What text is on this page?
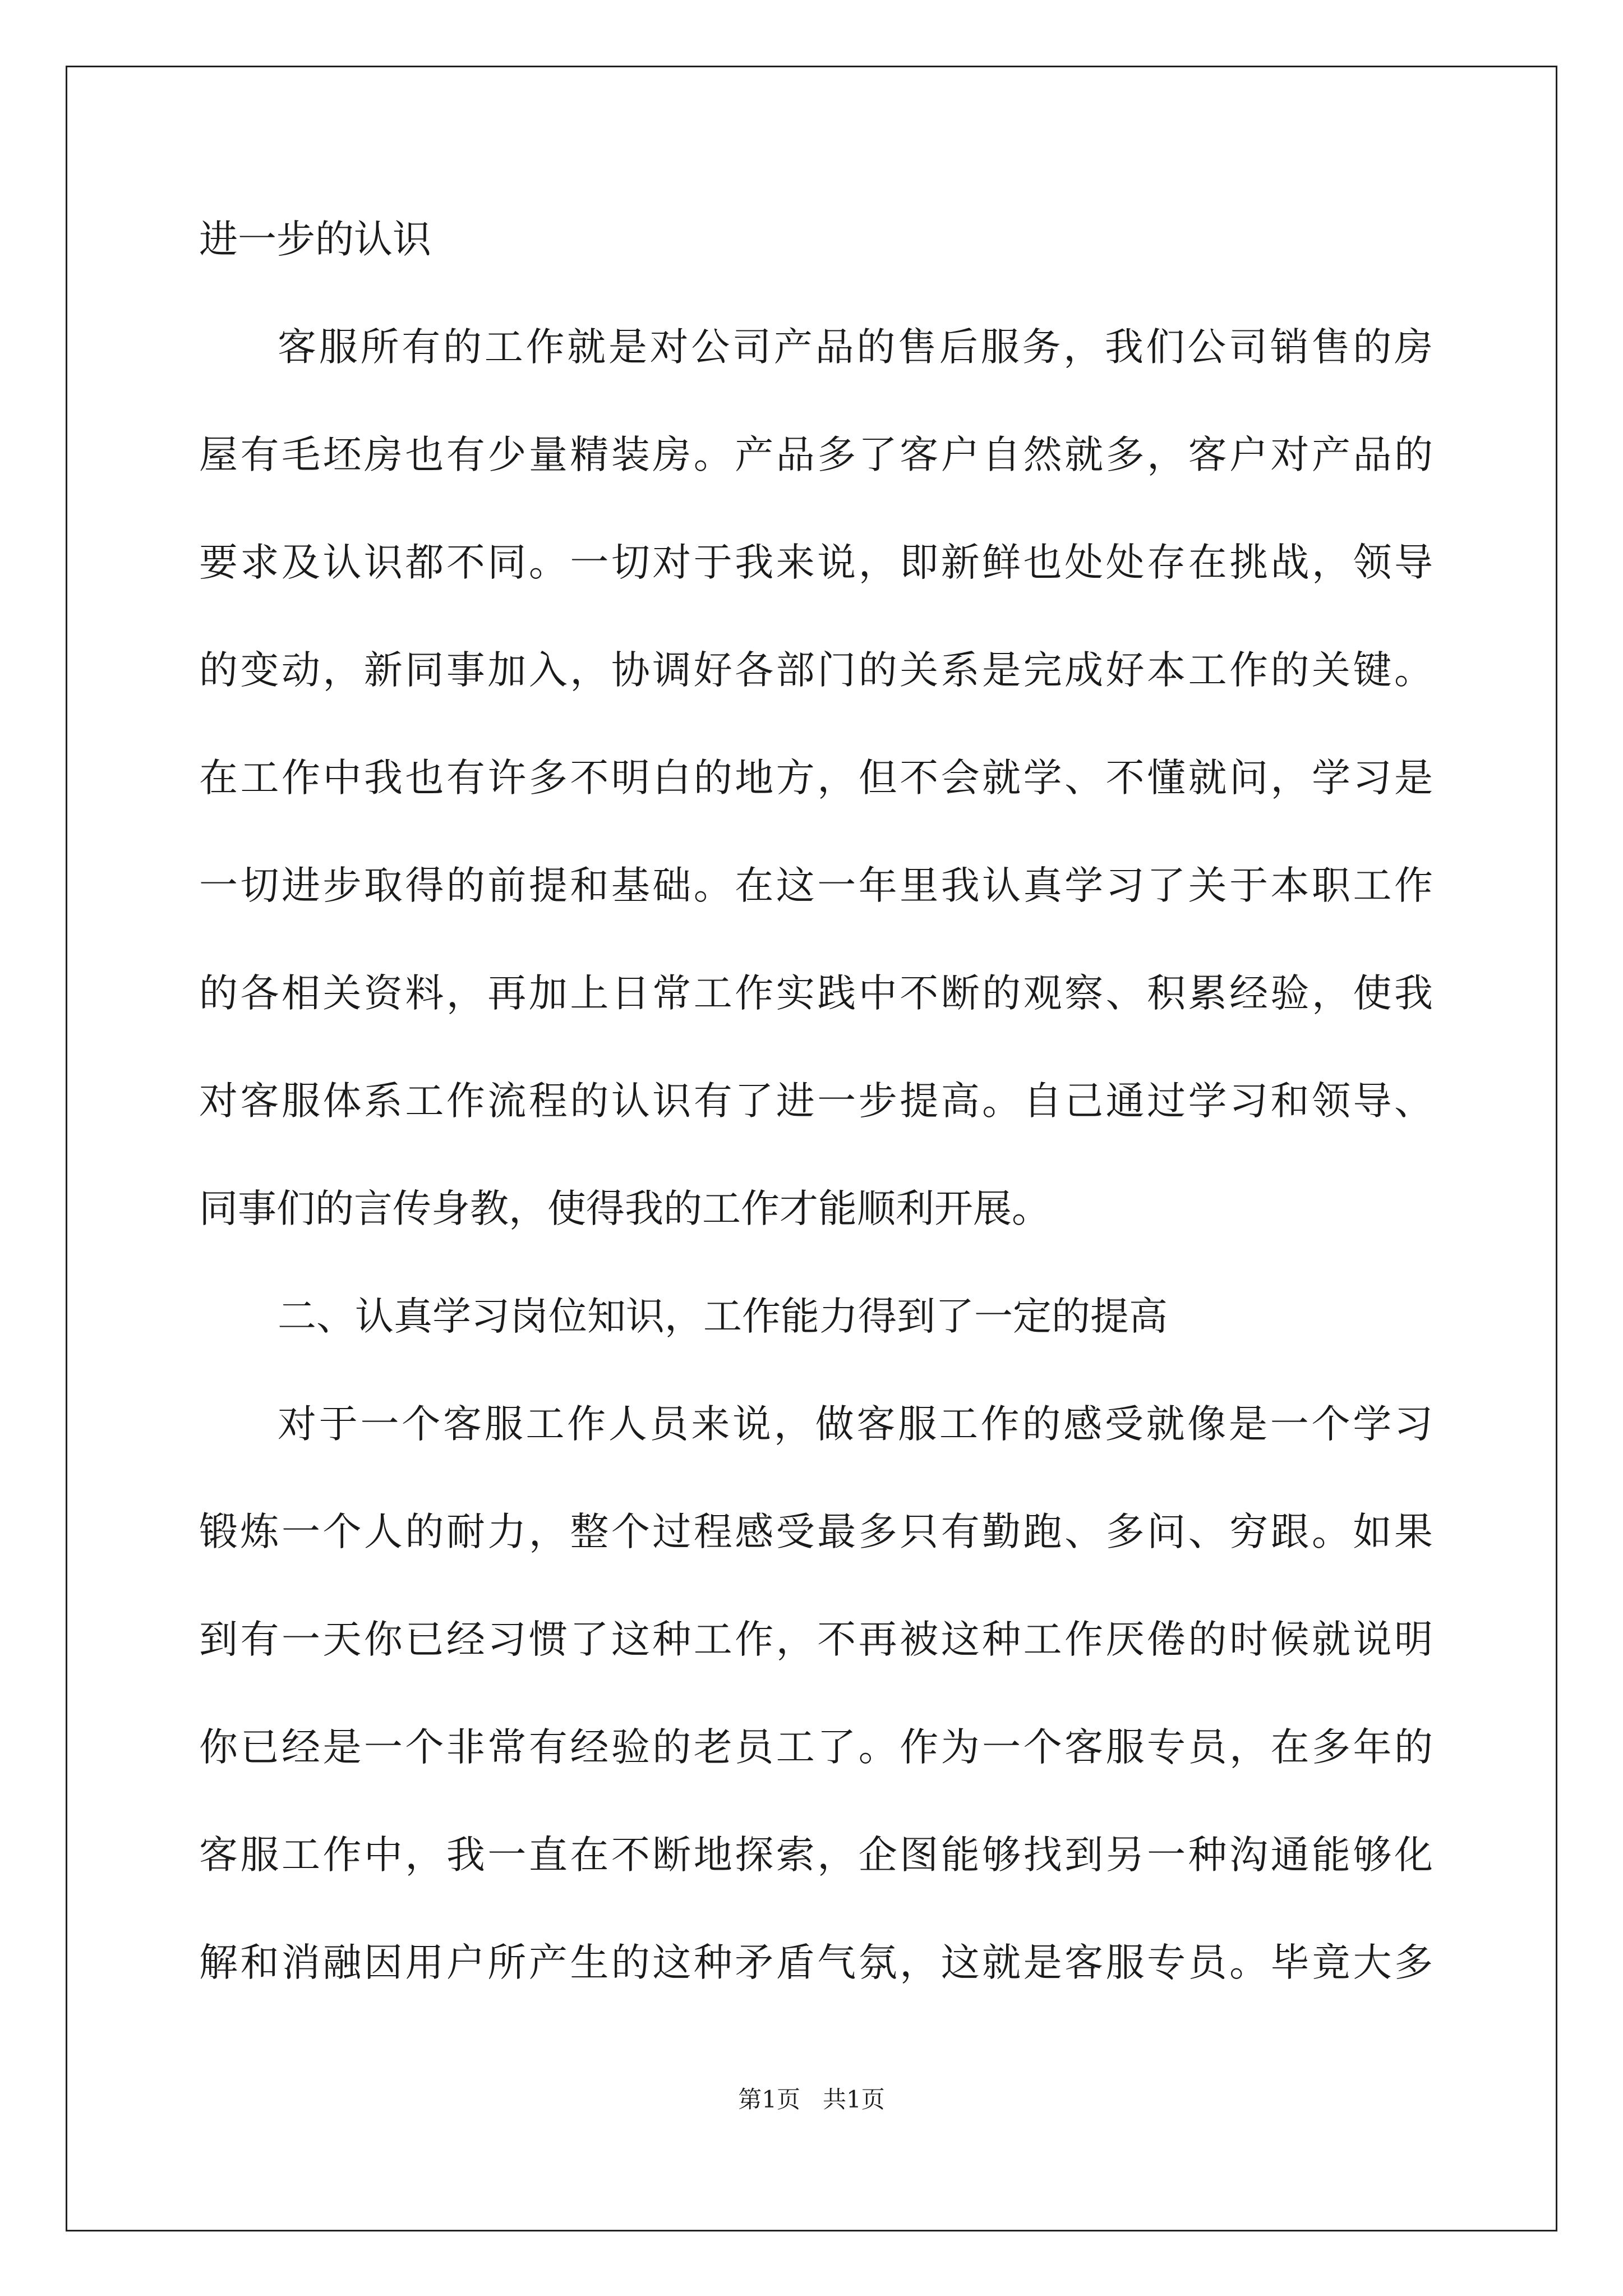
进一步的认识
客服所有的工作就是对公司产品的售后服务，我们公司销售的房
屋有毛坯房也有少量精装房。产品多了客户自然就多，客户对产品的
要求及认识都不同。一切对于我来说，即新鲜也处处存在挑战，领导
的变动，新同事加入，协调好各部门的关系是完成好本工作的关键。
在工作中我也有许多不明白的地方，但不会就学、不懂就问，学习是
一切进步取得的前提和基础。在这一年里我认真学习了关于本职工作
的各相关资料，再加上日常工作实践中不断的观察、积累经验，使我
对客服体系工作流程的认识有了进一步提高。自己通过学习和领导、
同事们的言传身教，使得我的工作才能顺利开展。
二、认真学习岗位知识，工作能力得到了一定的提高
对于一个客服工作人员来说，做客服工作的感受就像是一个学习
锻炼一个人的耐力，整个过程感受最多只有勤跑、多问、穷跟。如果
到有一天你已经习惯了这种工作，不再被这种工作厌倦的时候就说明
你已经是一个非常有经验的老员工了。作为一个客服专员，在多年的
客服工作中，我一直在不断地探索，企图能够找到另一种沟通能够化
解和消融因用户所产生的这种矛盾气氛，这就是客服专员。毕竟大多
第1页 共1页
